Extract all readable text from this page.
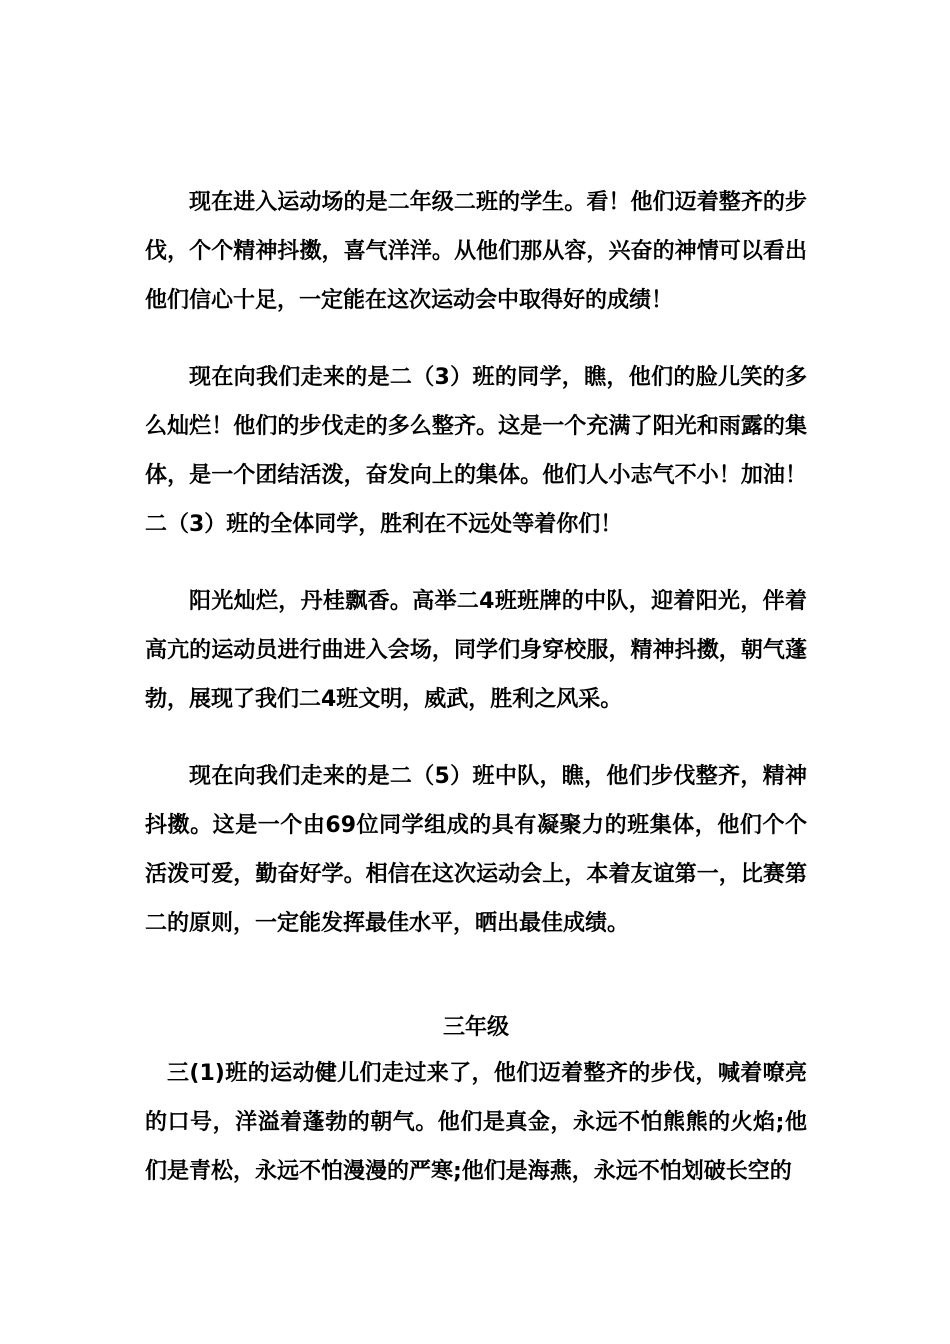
现在进入运动场的是二年级二班的学生。看！他们迈着整齐的步伐，个个精神抖擞，喜气洋洋。从他们那从容，兴奋的神情可以看出他们信心十足，一定能在这次运动会中取得好的成绩！

现在向我们走来的是二（3）班的同学，瞧，他们的脸儿笑的多么灿烂！他们的步伐走的多么整齐。这是一个充满了阳光和雨露的集体，是一个团结活泼，奋发向上的集体。他们人小志气不小！加油！二（3）班的全体同学，胜利在不远处等着你们！

阳光灿烂，丹桂飘香。高举二4班班牌的中队，迎着阳光，伴着高亢的运动员进行曲进入会场，同学们身穿校服，精神抖擞，朝气蓬勃，展现了我们二4班文明，威武，胜利之风采。

现在向我们走来的是二（5）班中队，瞧，他们步伐整齐，精神抖擞。这是一个由69位同学组成的具有凝聚力的班集体，他们个个活泼可爱，勤奋好学。相信在这次运动会上，本着友谊第一，比赛第二的原则，一定能发挥最佳水平，晒出最佳成绩。

三年级

三(1)班的运动健儿们走过来了，他们迈着整齐的步伐，喊着嘹亮的口号，洋溢着蓬勃的朝气。他们是真金，永远不怕熊熊的火焰;他们是青松，永远不怕漫漫的严寒;他们是海燕，永远不怕划破长空的
